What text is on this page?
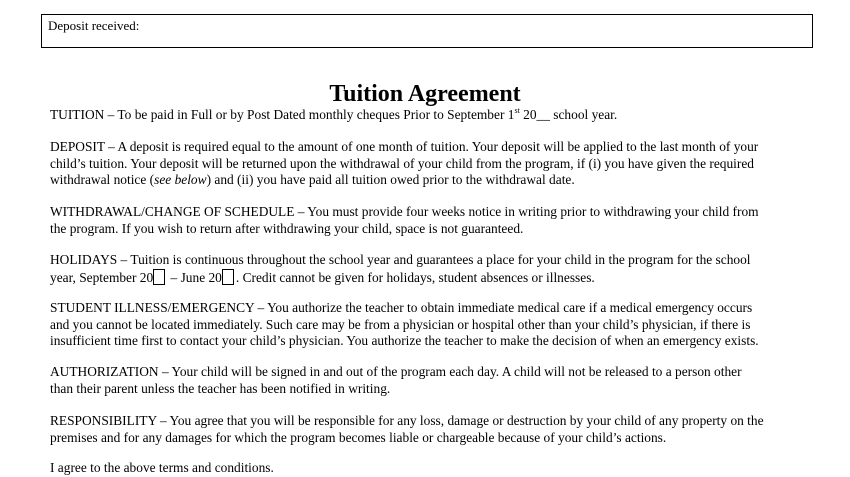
Deposit received:
Tuition Agreement
TUITION – To be paid in Full or by Post Dated monthly cheques Prior to September 1st 20__ school year.
DEPOSIT – A deposit is required equal to the amount of one month of tuition. Your deposit will be applied to the last month of your
child’s tuition. Your deposit will be returned upon the withdrawal of your child from the program, if (i) you have given the required
withdrawal notice (see below) and (ii) you have paid all tuition owed prior to the withdrawal date.
WITHDRAWAL/CHANGE OF SCHEDULE – You must provide four weeks notice in writing prior to withdrawing your child from
the program. If you wish to return after withdrawing your child, space is not guaranteed.
HOLIDAYS – Tuition is continuous throughout the school year and guarantees a place for your child in the program for the school
year, September 20 – June 20 . Credit cannot be given for holidays, student absences or illnesses.
STUDENT ILLNESS/EMERGENCY – You authorize the teacher to obtain immediate medical care if a medical emergency occurs
and you cannot be located immediately. Such care may be from a physician or hospital other than your child’s physician, if there is
insufficient time first to contact your child’s physician. You authorize the teacher to make the decision of when an emergency exists.
AUTHORIZATION – Your child will be signed in and out of the program each day. A child will not be released to a person other
than their parent unless the teacher has been notified in writing.
RESPONSIBILITY – You agree that you will be responsible for any loss, damage or destruction by your child of any property on the
premises and for any damages for which the program becomes liable or chargeable because of your child’s actions.
I agree to the above terms and conditions.
